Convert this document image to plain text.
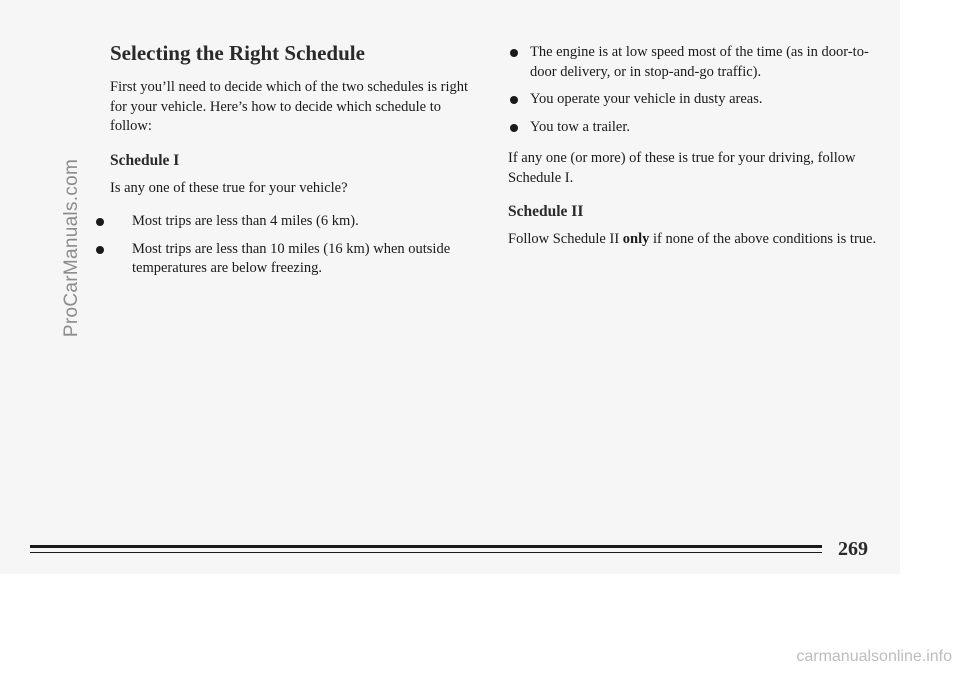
Selecting the Right Schedule

First you’ll need to decide which of the two schedules is right for your vehicle. Here’s how to decide which schedule to follow:

Schedule I

Is any one of these true for your vehicle?

Most trips are less than 4 miles (6 km).
Most trips are less than 10 miles (16 km) when outside temperatures are below freezing.
The engine is at low speed most of the time (as in door-to-door delivery, or in stop-and-go traffic).
You operate your vehicle in dusty areas.
You tow a trailer.

If any one (or more) of these is true for your driving, follow Schedule I.

Schedule II

Follow Schedule II only if none of the above conditions is true.

269
ProCarManuals.com
carmanualsonline.info
